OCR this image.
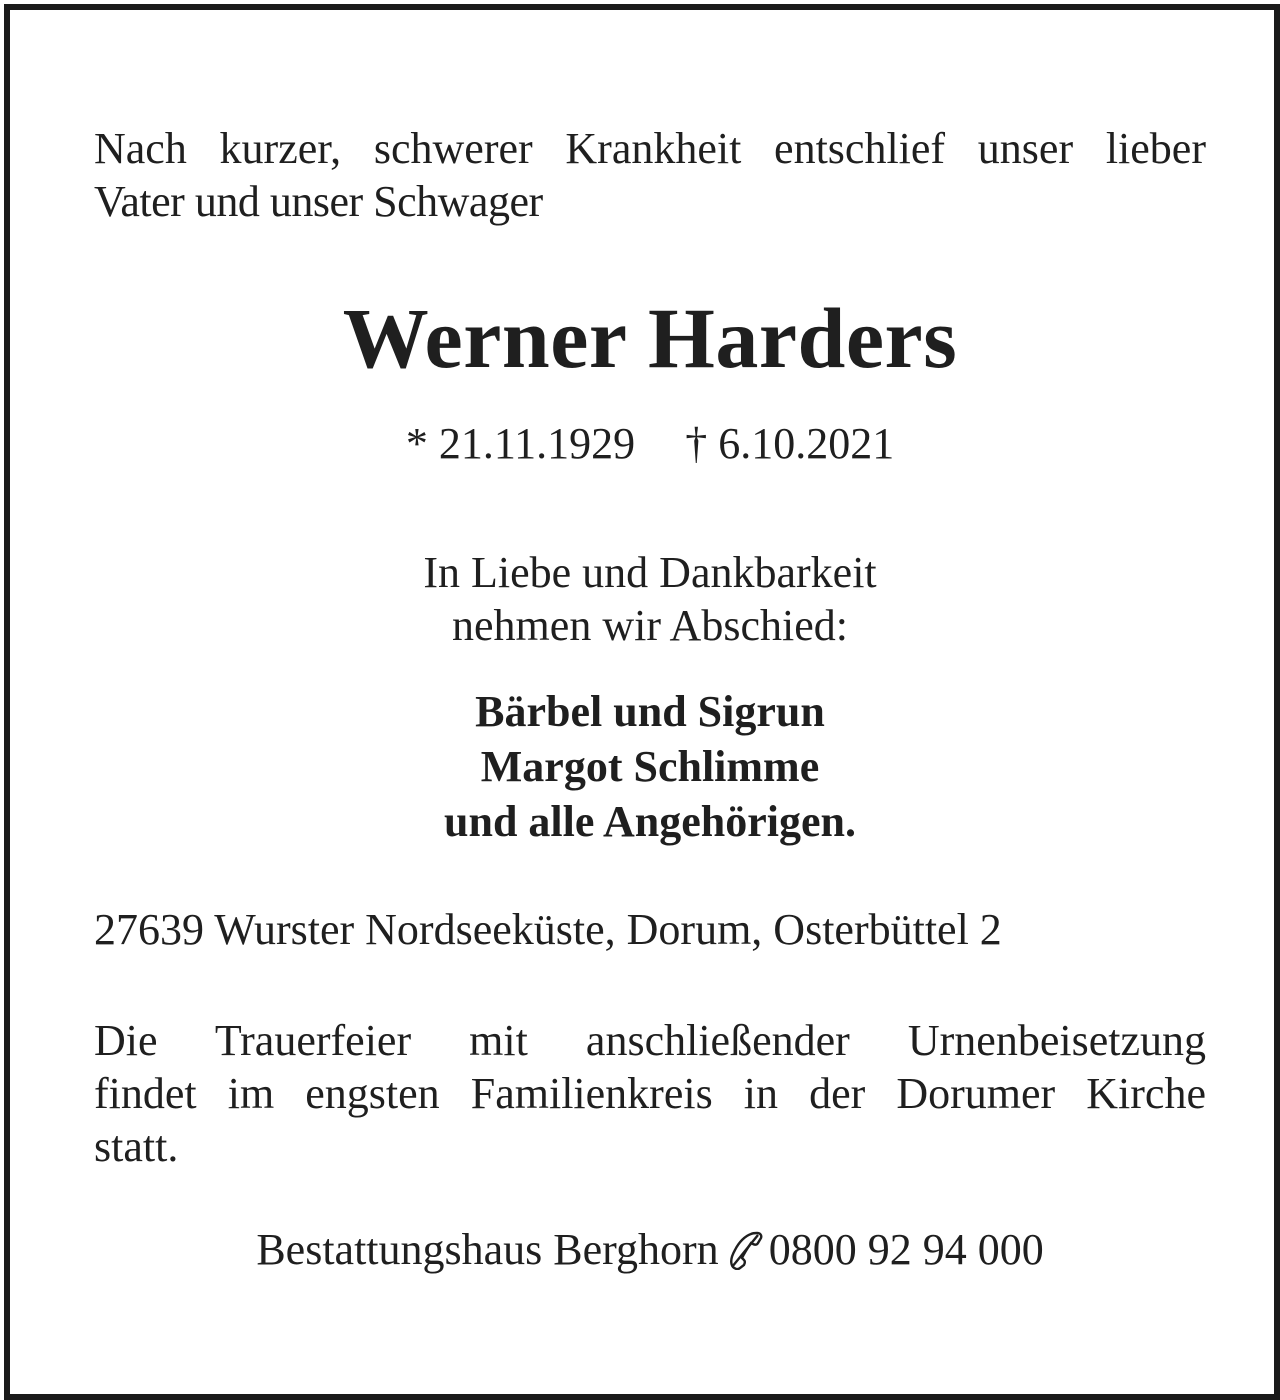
Nach kurzer, schwerer Krankheit entschlief unser lieber
Vater und unser Schwager

Werner Harders

* 21.11.1929 † 6.10.2021

In Liebe und Dankbarkeit
nehmen wir Abschied:

Bärbel und Sigrun
Margot Schlimme
und alle Angehörigen.

27639 Wurster Nordseeküste, Dorum, Osterbüttel 2

Die Trauerfeier mit anschließender Urnenbeisetzung
findet im engsten Familienkreis in der Dorumer Kirche
statt.

Bestattungshaus Berghorn 0800 92 94 000
